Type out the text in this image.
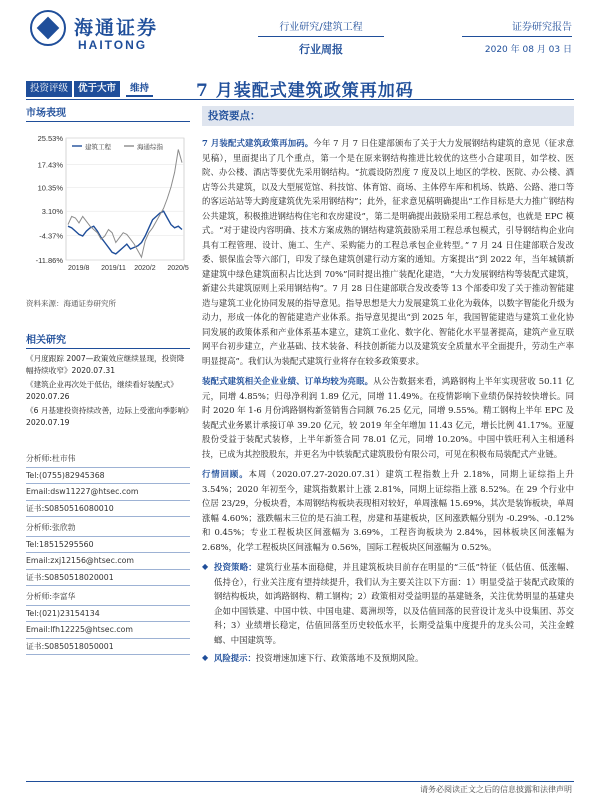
海通证券
HAITONG
行业研究/建筑工程
行业周报
证券研究报告
2020 年 08 月 03 日
投资评级	优于大市	维持	7 月装配式建筑政策再加码
市场表现
25.53%
17.43%
10.35%
3.10%
-4.37%
-11.86%
2019/8 2019/11 2020/2 2020/5
建筑工程	海通综指
资料来源：海通证券研究所
相关研究
《月度跟踪 2007—政策效应继续显现，投资降幅持续收窄》2020.07.31
《建筑企业再次处于低估，继续看好装配式》2020.07.26
《6 月基建投资持续改善，边际上受涨向季影响》2020.07.19
分析师:杜市伟
Tel:(0755)82945368
Email:dsw11227@htsec.com
证书:S0850516080010
分析师:张欣勃
Tel:18515295560
Email:zxj12156@htsec.com
证书:S0850518020001
分析师:李富华
Tel:(021)23154134
Email:lfh12225@htsec.com
证书:S0850518050001
投资要点：

7 月装配式建筑政策再加码。今年 7 月 7 日住建部颁布了关于大力发展钢结构建筑的意见（征求意见稿），里面提出了几个重点，第一个是在原来钢结构推进比较优的这些小合建项目，如学校、医院、办公楼、酒店等要优先采用钢结构。“抗震设防烈度 7 度及以上地区的学校、医院、办公楼、酒店等公共建筑，以及大型展览馆、科技馆、体育馆、商场、主体停车库和机场、铁路、公路、港口等的客运站站等大跨度建筑优先采用钢结构”；此外，征求意见稿明确提出“工作目标是大力推广钢结构公共建筑，积极推进钢结构住宅和农房建设”，第二是明确提出鼓励采用工程总承包，也就是 EPC 模式。“对于建设内容明确、技术方案成熟的钢结构建筑鼓励采用工程总承包模式，引导钢结构企业向具有工程管理、设计、施工、生产、采购能力的工程总承包企业转型。” 7 月 24 日住建部联合发改委、银保监会等六部门，印发了绿色建筑创建行动方案的通知。方案提出“到 2022 年，当年城镇新建建筑中绿色建筑面积占比达到 70%”同时提出推广装配化建造，“大力发展钢结构等装配式建筑，新建公共建筑原则上采用钢结构”。7 月 28 日住建部联合发改委等 13 个部委印发了关于推动智能建造与建筑工业化协同发展的指导意见。指导思想是大力发展建筑工业化为载体，以数字智能化升级为动力，形成一体化的智能建造产业体系。指导意见提出“到 2025 年，我国智能建造与建筑工业化协同发展的政策体系和产业体系基本建立，建筑工业化、数字化、智能化水平显著提高，建筑产业互联网平台初步建立，产业基础、技术装备、科技创新能力以及建筑安全质量水平全面提升，劳动生产率明显提高”。我们认为装配式建筑行业将存在较多政策要求。

装配式建筑相关企业业绩、订单均较为亮眼。从公告数据来看，鸿路钢构上半年实现营收 50.11 亿元，同增 4.85%；归母净利润 1.89 亿元，同增 11.49%。在疫情影响下业绩仍保持较快增长。同时 2020 年 1-6 月份鸿路钢构新签销售合同额 76.25 亿元，同增 9.55%。精工钢构上半年 EPC 及装配式业务累计承接订单 39.20 亿元，较 2019 年全年增加 11.43 亿元，增长比例 41.17%。亚厦股份受益于装配式装修，上半年新签合同 78.01 亿元，同增 10.20%。中国中铁旺利入主相通科技，已成为其控股股东，并更名为中铁装配式建筑股份有限公司，可见在积极布局装配式产业链。

行情回顾。本周（2020.07.27-2020.07.31）建筑工程指数上升 2.18%，同期上证综指上升 3.54%；2020 年初至今，建筑指数累计上涨 2.81%，同期上证综指上涨 8.52%。在 29 个行业中位居 23/29，分板块看，本周钢结构板块表现相对较好，单周涨幅 15.69%，其次是装饰板块，单周涨幅 4.60%；涨跌幅末三位的是石油工程，房建和基建板块，区间涨跌幅分别为 -0.29%、-0.12% 和 0.45%；专业工程板块区间涨幅为 3.69%，工程咨询板块为 2.84%，园林板块区间涨幅为 2.68%，化学工程板块区间涨幅为 0.56%，国际工程板块区间涨幅为 0.52%。

◆ 投资策略：建筑行业基本面稳健，并且建筑板块目前存在明显的“三低”特征（低估值、低涨幅、低持仓），行业关注度有望持续提升，我们认为主要关注以下方面：1）明显受益于装配式政策的钢结构板块，如鸿路钢构、精工钢构；2）政策相对受益明显的基建链条，关注优势明显的基建央企如中国铁建、中国中铁、中国电建、葛洲坝等，以及估值回落的民营设计龙头中设集团、苏交科；3）业绩增长稳定，估值回落至历史较低水平，长期受益集中度提升的龙头公司，关注金螳螂、中国建筑等。
◆ 风险提示：投资增速加速下行、政策落地不及预期风险。
请务必阅读正文之后的信息披露和法律声明
